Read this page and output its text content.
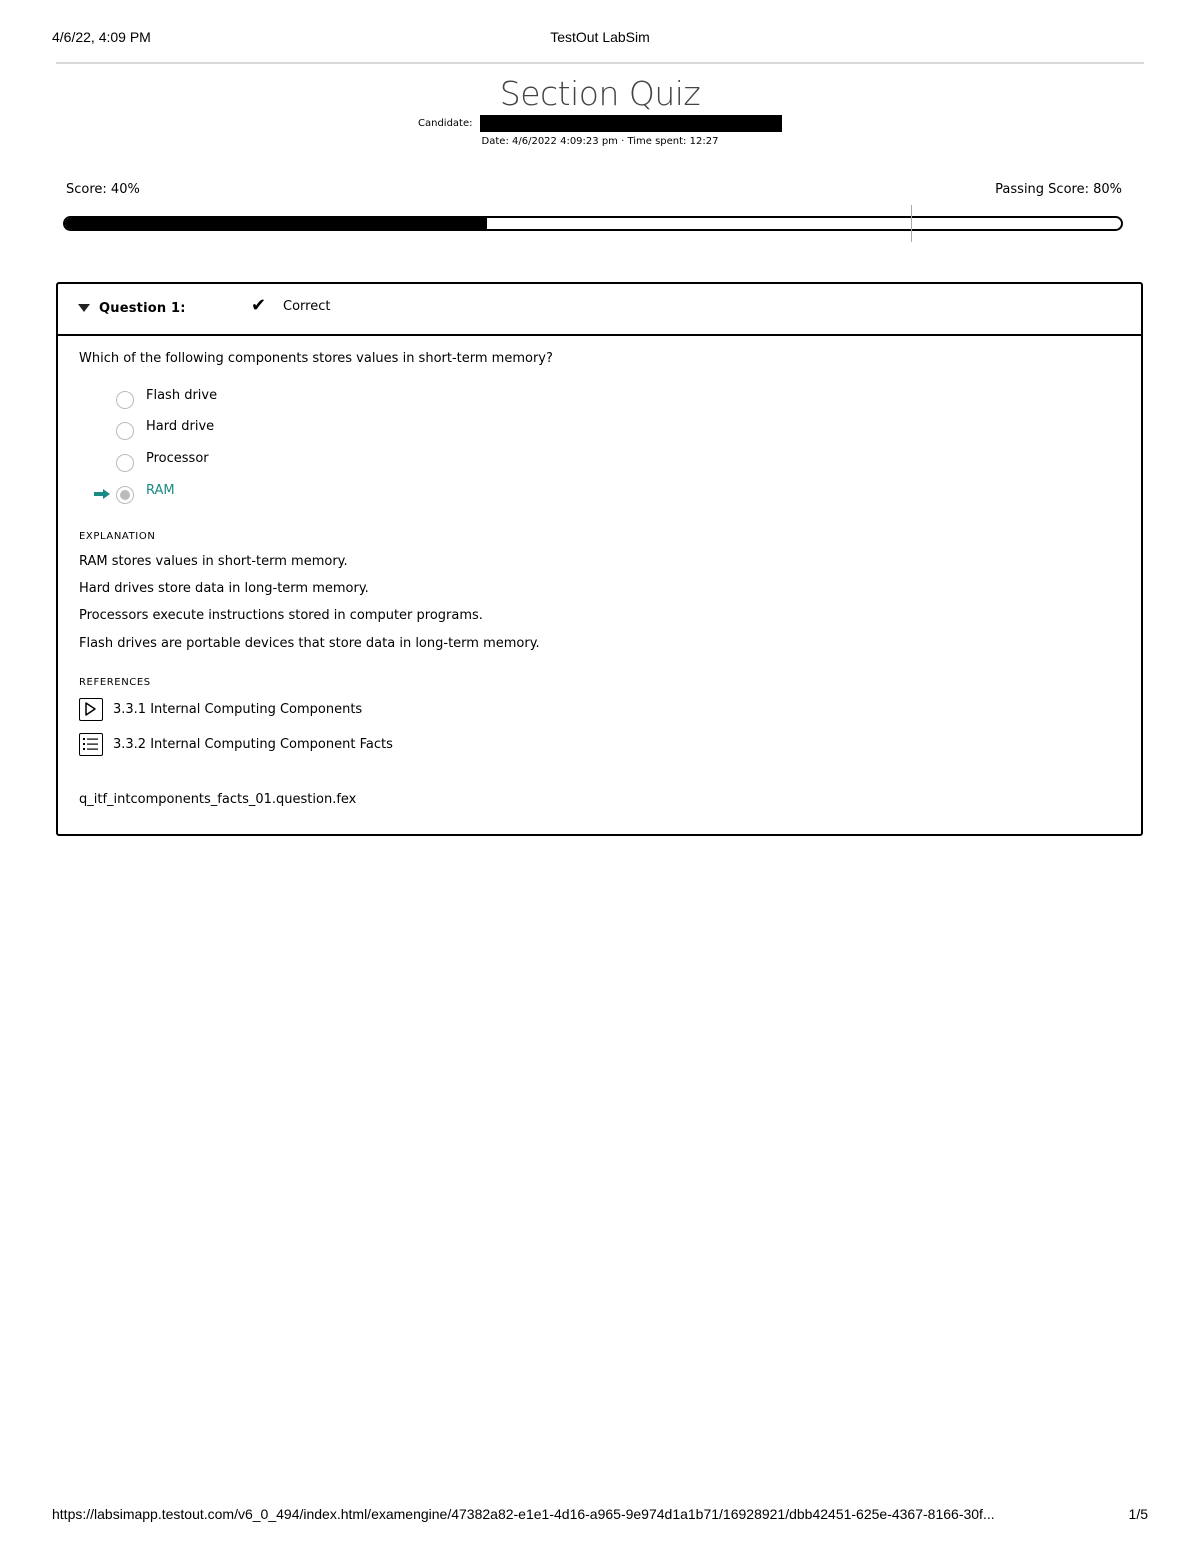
4/6/22, 4:09 PM	TestOut LabSim
Section Quiz
Candidate:
Date: 4/6/2022 4:09:23 pm · Time spent: 12:27
Score: 40%	Passing Score: 80%
Question 1:	✔ Correct
Which of the following components stores values in short-term memory?
Flash drive
Hard drive
Processor
RAM
EXPLANATION
RAM stores values in short-term memory.
Hard drives store data in long-term memory.
Processors execute instructions stored in computer programs.
Flash drives are portable devices that store data in long-term memory.
REFERENCES
3.3.1 Internal Computing Components
3.3.2 Internal Computing Component Facts
q_itf_intcomponents_facts_01.question.fex
https://labsimapp.testout.com/v6_0_494/index.html/examengine/47382a82-e1e1-4d16-a965-9e974d1a1b71/16928921/dbb42451-625e-4367-8166-30f...	1/5
